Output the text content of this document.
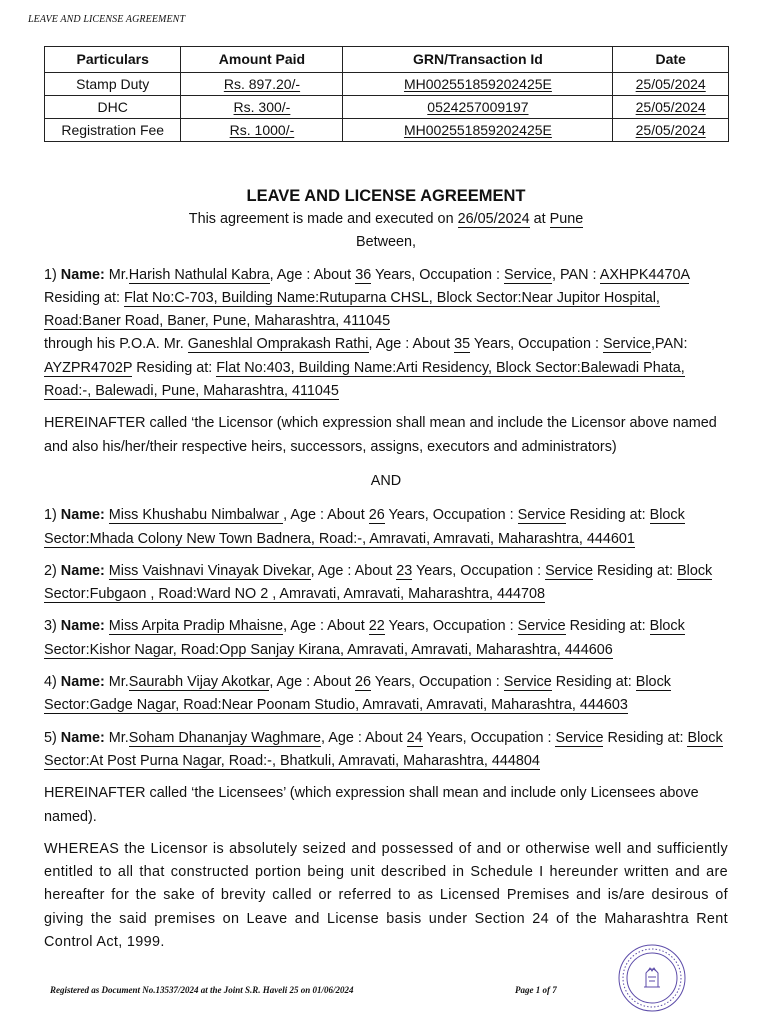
LEAVE AND LICENSE AGREEMENT
Particulars	Amount Paid	GRN/Transaction Id	Date
Stamp Duty	Rs. 897.20/-	MH002551859202425E	25/05/2024
DHC	Rs. 300/-	0524257009197	25/05/2024
Registration Fee	Rs. 1000/-	MH002551859202425E	25/05/2024

LEAVE AND LICENSE AGREEMENT

This agreement is made and executed on 26/05/2024 at Pune

Between,

1) Name: Mr.Harish Nathulal Kabra, Age : About 36 Years, Occupation : Service, PAN : AXHPK4470A Residing at: Flat No:C-703, Building Name:Rutuparna CHSL, Block Sector:Near Jupitor Hospital, Road:Baner Road, Baner, Pune, Maharashtra, 411045

through his P.O.A. Mr. Ganeshlal Omprakash Rathi, Age : About 35 Years, Occupation : Service,PAN: AYZPR4702P Residing at: Flat No:403, Building Name:Arti Residency, Block Sector:Balewadi Phata, Road:-, Balewadi, Pune, Maharashtra, 411045

HEREINAFTER called ‘the Licensor (which expression shall mean and include the Licensor above named and also his/her/their respective heirs, successors, assigns, executors and administrators)

AND

1) Name: Miss Khushabu Nimbalwar , Age : About 26 Years, Occupation : Service Residing at: Block Sector:Mhada Colony New Town Badnera, Road:-, Amravati, Amravati, Maharashtra, 444601

2) Name: Miss Vaishnavi Vinayak Divekar, Age : About 23 Years, Occupation : Service Residing at: Block Sector:Fubgaon , Road:Ward NO 2 , Amravati, Amravati, Maharashtra, 444708

3) Name: Miss Arpita Pradip Mhaisne, Age : About 22 Years, Occupation : Service Residing at: Block Sector:Kishor Nagar, Road:Opp Sanjay Kirana, Amravati, Amravati, Maharashtra, 444606

4) Name: Mr.Saurabh Vijay Akotkar, Age : About 26 Years, Occupation : Service Residing at: Block Sector:Gadge Nagar, Road:Near Poonam Studio, Amravati, Amravati, Maharashtra, 444603

5) Name: Mr.Soham Dhananjay Waghmare, Age : About 24 Years, Occupation : Service Residing at: Block Sector:At Post Purna Nagar, Road:-, Bhatkuli, Amravati, Maharashtra, 444804

HEREINAFTER called ‘the Licensees’ (which expression shall mean and include only Licensees above named).

WHEREAS the Licensor is absolutely seized and possessed of and or otherwise well and sufficiently entitled to all that constructed portion being unit described in Schedule I hereunder written and are hereafter for the sake of brevity called or referred to as Licensed Premises and is/are desirous of giving the said premises on Leave and License basis under Section 24 of the Maharashtra Rent Control Act, 1999.

Registered as Document No.13537/2024 at the Joint S.R. Haveli 25 on 01/06/2024	Page 1 of 7
